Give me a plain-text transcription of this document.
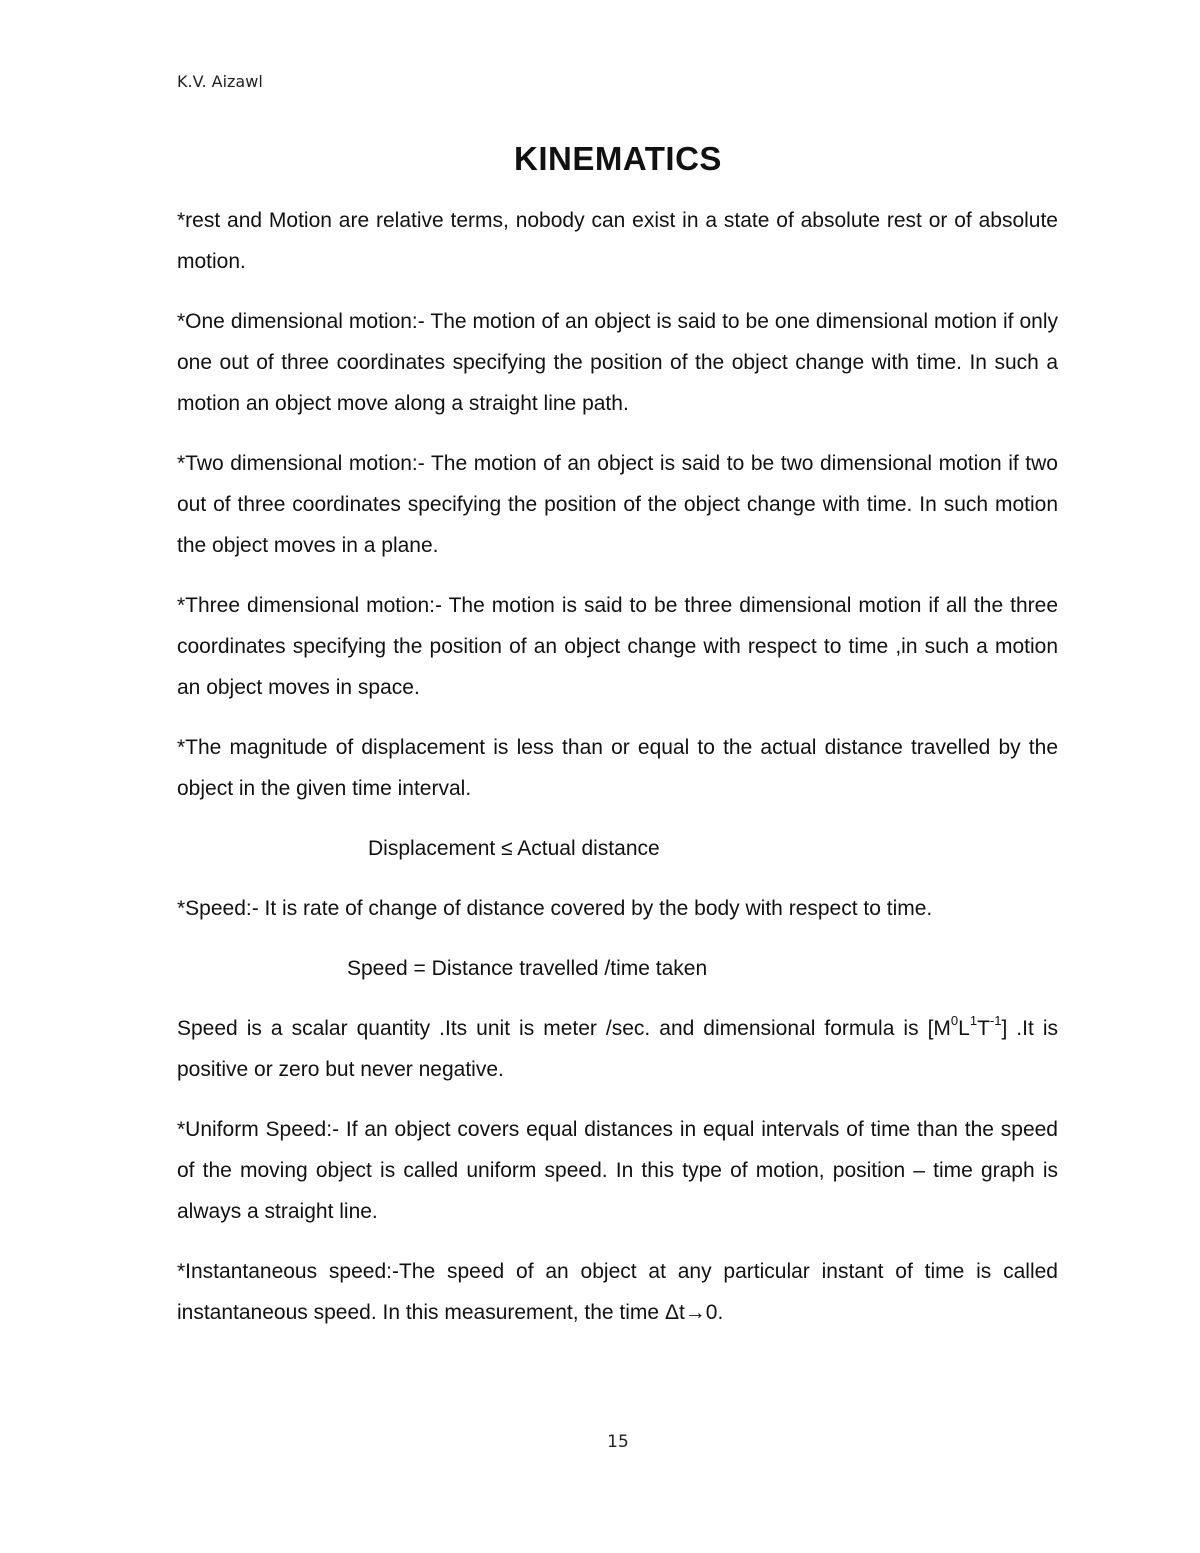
K.V. Aizawl
KINEMATICS

*rest and Motion are relative terms, nobody can exist in a state of absolute rest or of absolute motion.

*One dimensional motion:- The motion of an object is said to be one dimensional motion if only one out of three coordinates specifying the position of the object change with time. In such a motion an object move along a straight line path.

*Two dimensional motion:- The motion of an object is said to be two dimensional motion if two out of three coordinates specifying the position of the object change with time. In such motion the object moves in a plane.

*Three dimensional motion:- The motion is said to be three dimensional motion if all the three coordinates specifying the position of an object change with respect to time ,in such a motion an object moves in space.

*The magnitude of displacement is less than or equal to the actual distance travelled by the object in the given time interval.

Displacement ≤ Actual distance

*Speed:- It is rate of change of distance covered by the body with respect to time.

Speed = Distance travelled /time taken

Speed is a scalar quantity .Its unit is meter /sec. and dimensional formula is $[M^0L^1T^{-1}]$ .It is positive or zero but never negative.

*Uniform Speed:- If an object covers equal distances in equal intervals of time than the speed of the moving object is called uniform speed. In this type of motion, position – time graph is always a straight line.

*Instantaneous speed:-The speed of an object at any particular instant of time is called instantaneous speed. In this measurement, the time Δt→0.

15
